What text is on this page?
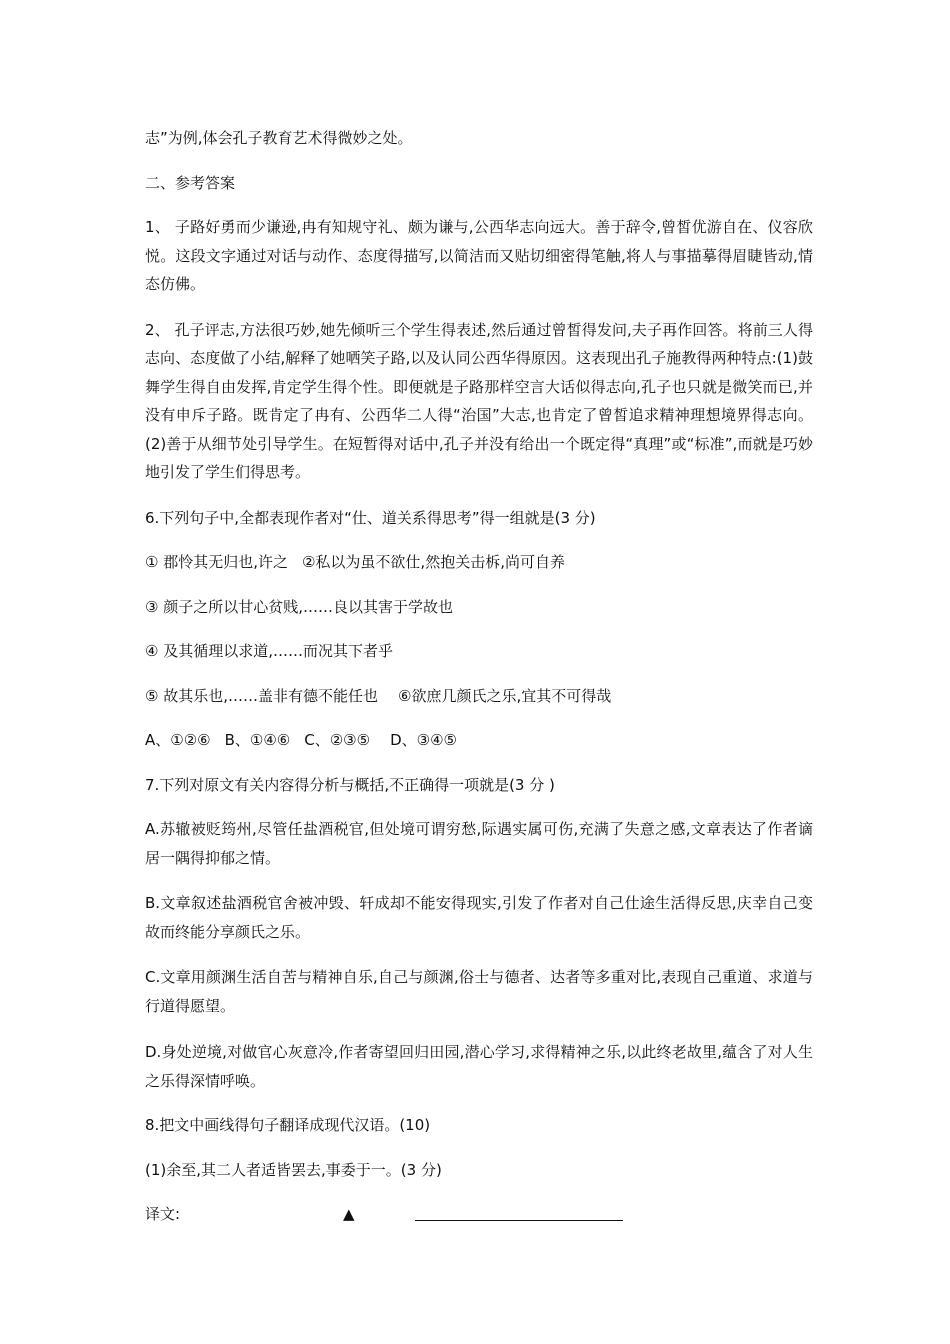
志”为例,体会孔子教育艺术得微妙之处。

二、参考答案

1、 子路好勇而少谦逊,冉有知规守礼、颇为谦与,公西华志向远大。善于辞令,曾皙优游自在、仪容欣悦。这段文字通过对话与动作、态度得描写,以简洁而又贴切细密得笔触,将人与事描摹得眉睫皆动,情态仿佛。

2、 孔子评志,方法很巧妙,她先倾听三个学生得表述,然后通过曾皙得发问,夫子再作回答。将前三人得志向、态度做了小结,解释了她哂笑子路,以及认同公西华得原因。这表现出孔子施教得两种特点:(1)鼓舞学生得自由发挥,肯定学生得个性。即便就是子路那样空言大话似得志向,孔子也只就是微笑而已,并没有申斥子路。既肯定了冉有、公西华二人得“治国”大志,也肯定了曾皙追求精神理想境界得志向。(2)善于从细节处引导学生。在短暂得对话中,孔子并没有给出一个既定得“真理”或“标准”,而就是巧妙地引发了学生们得思考。

6.下列句子中,全都表现作者对“仕、道关系得思考”得一组就是(3 分)

① 郡怜其无归也,许之 ②私以为虽不欲仕,然抱关击柝,尚可自养

③ 颜子之所以甘心贫贱,……良以其害于学故也

④ 及其循理以求道,……而况其下者乎

⑤ 故其乐也,……盖非有德不能任也 ⑥欲庶几颜氏之乐,宜其不可得哉

A、①②⑥ B、①④⑥ C、②③⑤ D、③④⑤

7.下列对原文有关内容得分析与概括,不正确得一项就是(3 分 )

A.苏辙被贬筠州,尽管任盐酒税官,但处境可谓穷愁,际遇实属可伤,充满了失意之感,文章表达了作者谪居一隅得抑郁之情。

B.文章叙述盐酒税官舍被冲毁、轩成却不能安得现实,引发了作者对自己仕途生活得反思,庆幸自己变故而终能分享颜氏之乐。

C.文章用颜渊生活自苦与精神自乐,自己与颜渊,俗士与德者、达者等多重对比,表现自己重道、求道与行道得愿望。

D.身处逆境,对做官心灰意冷,作者寄望回归田园,潜心学习,求得精神之乐,以此终老故里,蕴含了对人生之乐得深情呼唤。

8.把文中画线得句子翻译成现代汉语。(10)

(1)余至,其二人者适皆罢去,事委于一。(3 分)

译文:	▲
